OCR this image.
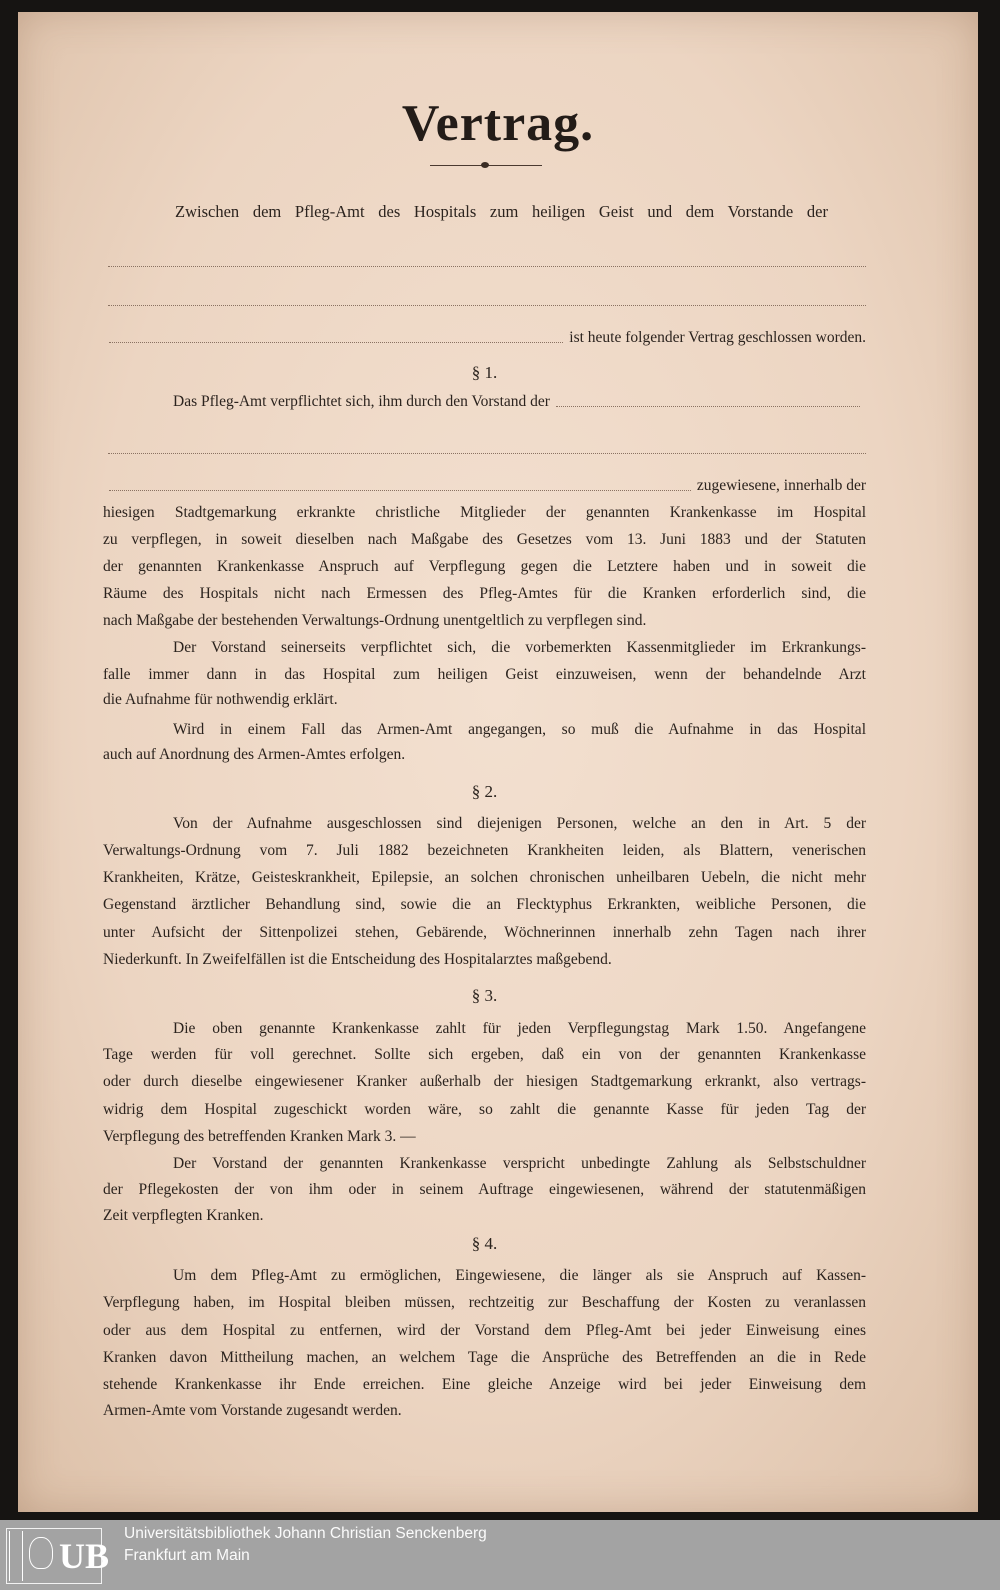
Vertrag.
Zwischen dem Pfleg-Amt des Hospitals zum heiligen Geist und dem Vorstande der
ist heute folgender Vertrag geschlossen worden.
§ 1.
Das Pfleg-Amt verpflichtet sich, ihm durch den Vorstand der
zugewiesene, innerhalb der
hiesigen Stadtgemarkung erkrankte christliche Mitglieder der genannten Krankenkasse im Hospital
zu verpflegen, in soweit dieselben nach Maßgabe des Gesetzes vom 13. Juni 1883 und der Statuten
der genannten Krankenkasse Anspruch auf Verpflegung gegen die Letztere haben und in soweit die
Räume des Hospitals nicht nach Ermessen des Pfleg-Amtes für die Kranken erforderlich sind, die
nach Maßgabe der bestehenden Verwaltungs-Ordnung unentgeltlich zu verpflegen sind.
Der Vorstand seinerseits verpflichtet sich, die vorbemerkten Kassenmitglieder im Erkrankungs-
falle immer dann in das Hospital zum heiligen Geist einzuweisen, wenn der behandelnde Arzt
die Aufnahme für nothwendig erklärt.
Wird in einem Fall das Armen-Amt angegangen, so muß die Aufnahme in das Hospital
auch auf Anordnung des Armen-Amtes erfolgen.
§ 2.
Von der Aufnahme ausgeschlossen sind diejenigen Personen, welche an den in Art. 5 der
Verwaltungs-Ordnung vom 7. Juli 1882 bezeichneten Krankheiten leiden, als Blattern, venerischen
Krankheiten, Krätze, Geisteskrankheit, Epilepsie, an solchen chronischen unheilbaren Uebeln, die nicht mehr
Gegenstand ärztlicher Behandlung sind, sowie die an Flecktyphus Erkrankten, weibliche Personen, die
unter Aufsicht der Sittenpolizei stehen, Gebärende, Wöchnerinnen innerhalb zehn Tagen nach ihrer
Niederkunft. In Zweifelfällen ist die Entscheidung des Hospitalarztes maßgebend.
§ 3.
Die oben genannte Krankenkasse zahlt für jeden Verpflegungstag Mark 1.50. Angefangene
Tage werden für voll gerechnet. Sollte sich ergeben, daß ein von der genannten Krankenkasse
oder durch dieselbe eingewiesener Kranker außerhalb der hiesigen Stadtgemarkung erkrankt, also vertrags-
widrig dem Hospital zugeschickt worden wäre, so zahlt die genannte Kasse für jeden Tag der
Verpflegung des betreffenden Kranken Mark 3. —
Der Vorstand der genannten Krankenkasse verspricht unbedingte Zahlung als Selbstschuldner
der Pflegekosten der von ihm oder in seinem Auftrage eingewiesenen, während der statutenmäßigen
Zeit verpflegten Kranken.
§ 4.
Um dem Pfleg-Amt zu ermöglichen, Eingewiesene, die länger als sie Anspruch auf Kassen-
Verpflegung haben, im Hospital bleiben müssen, rechtzeitig zur Beschaffung der Kosten zu veranlassen
oder aus dem Hospital zu entfernen, wird der Vorstand dem Pfleg-Amt bei jeder Einweisung eines
Kranken davon Mittheilung machen, an welchem Tage die Ansprüche des Betreffenden an die in Rede
stehende Krankenkasse ihr Ende erreichen. Eine gleiche Anzeige wird bei jeder Einweisung dem
Armen-Amte vom Vorstande zugesandt werden.
UB
Universitätsbibliothek Johann Christian Senckenberg
Frankfurt am Main
